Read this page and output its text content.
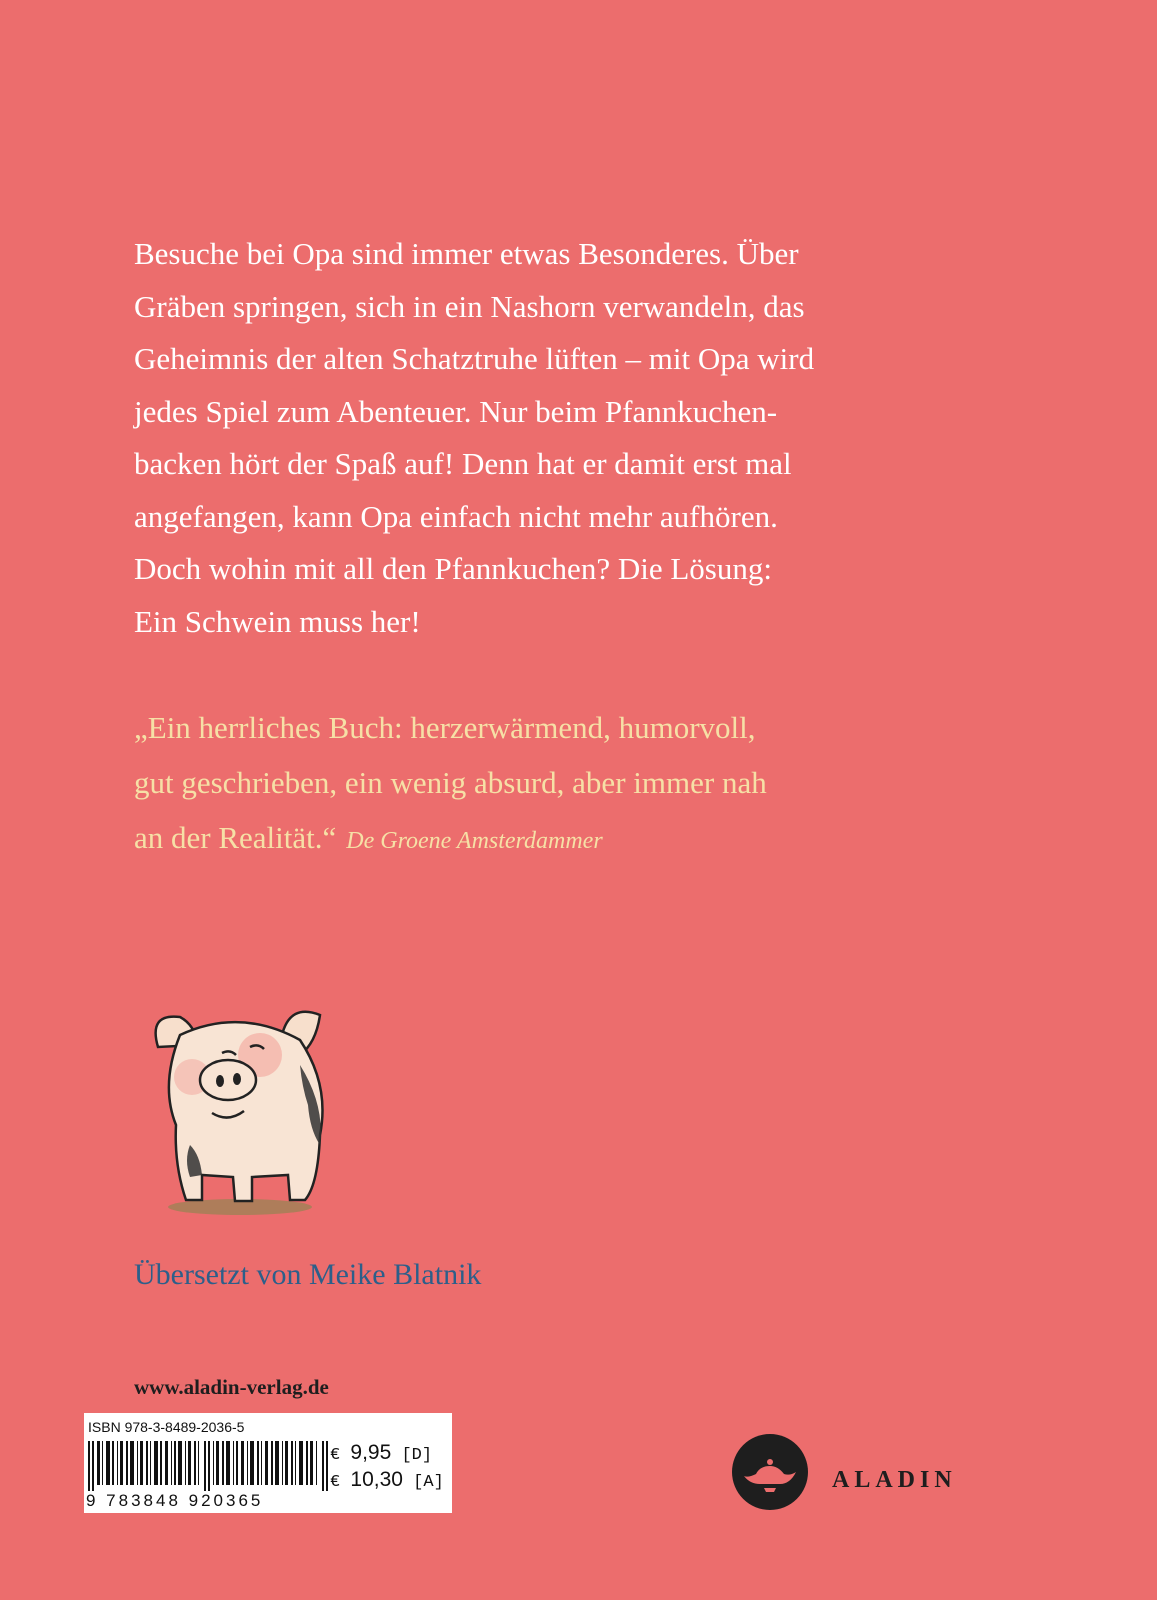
Besuche bei Opa sind immer etwas Besonderes. Über
Gräben springen, sich in ein Nashorn verwandeln, das
Geheimnis der alten Schatztruhe lüften – mit Opa wird
jedes Spiel zum Abenteuer. Nur beim Pfannkuchen-
backen hört der Spaß auf! Denn hat er damit erst mal
angefangen, kann Opa einfach nicht mehr aufhören.
Doch wohin mit all den Pfannkuchen? Die Lösung:
Ein Schwein muss her!
„Ein herrliches Buch: herzerwärmend, humorvoll,
gut geschrieben, ein wenig absurd, aber immer nah
an der Realität.“ De Groene Amsterdammer
Übersetzt von Meike Blatnik
www.aladin-verlag.de
ISBN 978-3-8489-2036-5
9 783848 920365
€ 9,95 [D]
€ 10,30 [A]	ALADIN
